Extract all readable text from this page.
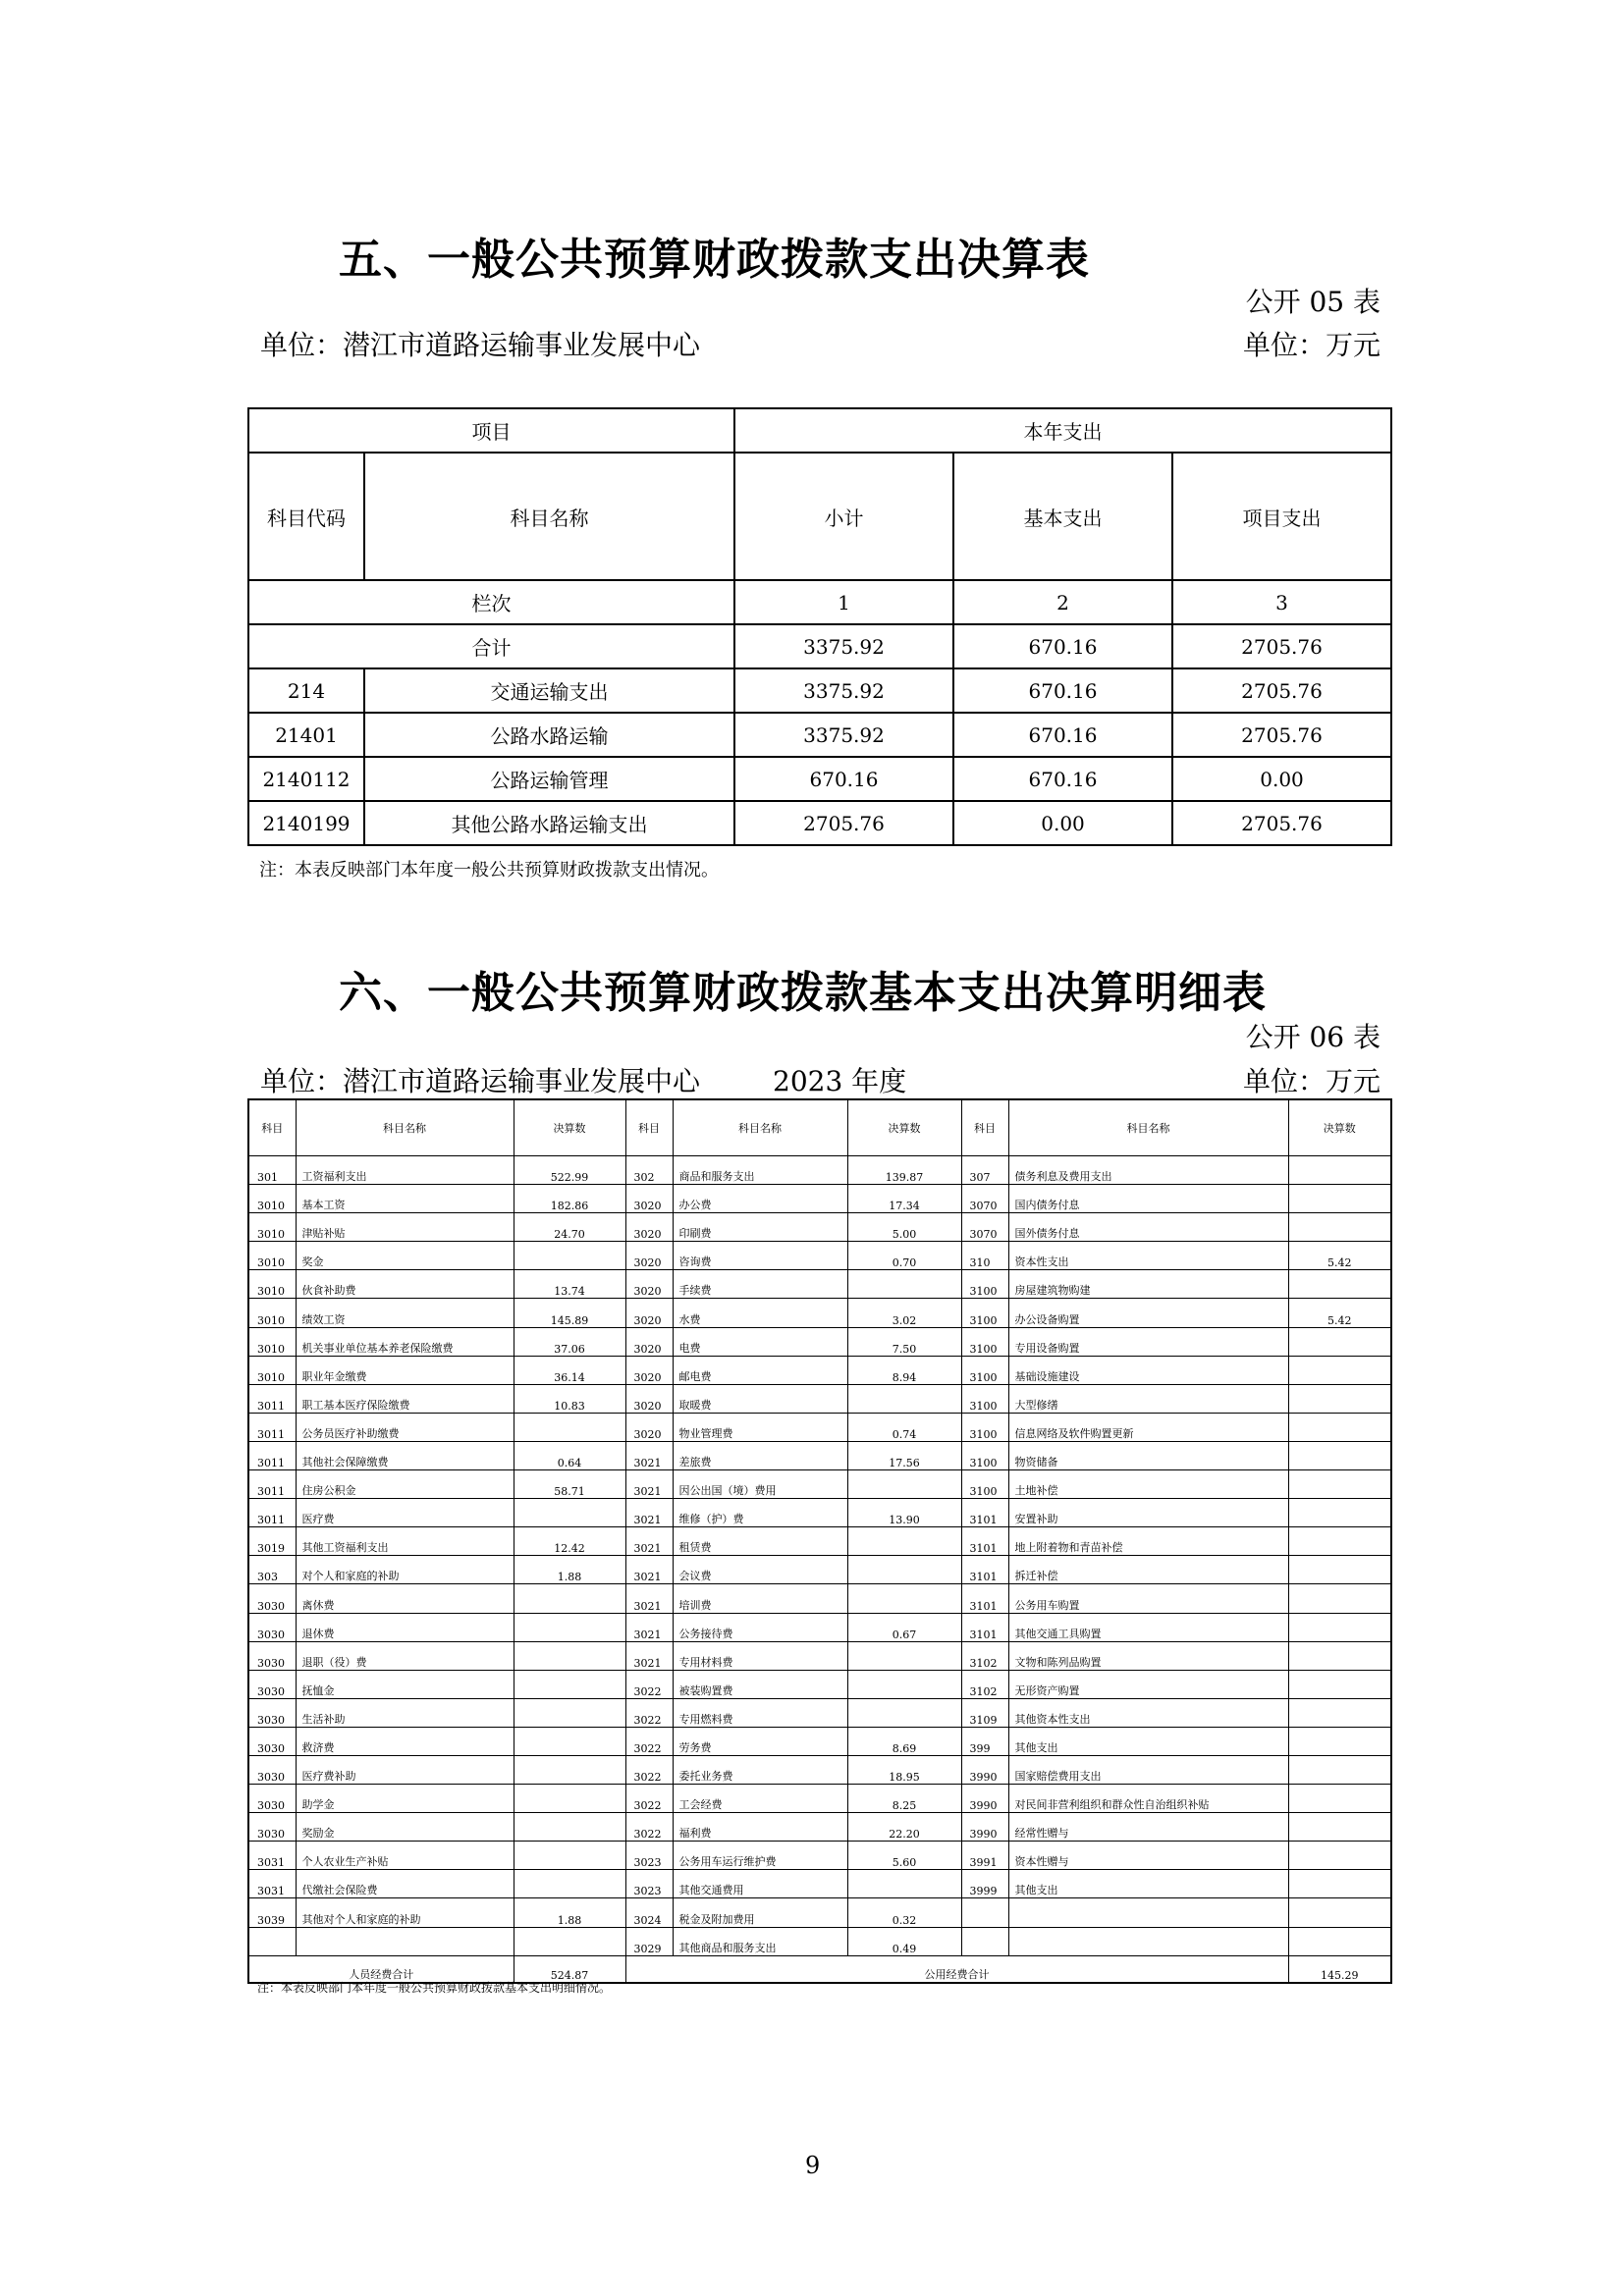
五、一般公共预算财政拨款支出决算表
公开 05 表
单位：潜江市道路运输事业发展中心	单位：万元
项目		本年支出		
科目代码	科目名称	小计	基本支出	项目支出
栏次		1	2	3
合计		3375.92	670.16	2705.76
214	交通运输支出	3375.92	670.16	2705.76
21401	公路水路运输	3375.92	670.16	2705.76
2140112	公路运输管理	670.16	670.16	0.00
2140199	其他公路水路运输支出	2705.76	0.00	2705.76
注：本表反映部门本年度一般公共预算财政拨款支出情况。
六、一般公共预算财政拨款基本支出决算明细表
公开 06 表
单位：潜江市道路运输事业发展中心	2023 年度	单位：万元
科目	科目名称	决算数	科目	科目名称	决算数	科目	科目名称	决算数
301	工资福利支出	522.99	302	商品和服务支出	139.87	307	债务利息及费用支出	
3010	基本工资	182.86	3020	办公费	17.34	3070	国内债务付息	
3010	津贴补贴	24.70	3020	印刷费	5.00	3070	国外债务付息	
3010	奖金		3020	咨询费	0.70	310	资本性支出	5.42
3010	伙食补助费	13.74	3020	手续费		3100	房屋建筑物购建	
3010	绩效工资	145.89	3020	水费	3.02	3100	办公设备购置	5.42
3010	机关事业单位基本养老保险缴费	37.06	3020	电费	7.50	3100	专用设备购置	
3010	职业年金缴费	36.14	3020	邮电费	8.94	3100	基础设施建设	
3011	职工基本医疗保险缴费	10.83	3020	取暖费		3100	大型修缮	
3011	公务员医疗补助缴费		3020	物业管理费	0.74	3100	信息网络及软件购置更新	
3011	其他社会保障缴费	0.64	3021	差旅费	17.56	3100	物资储备	
3011	住房公积金	58.71	3021	因公出国（境）费用		3100	土地补偿	
3011	医疗费		3021	维修（护）费	13.90	3101	安置补助	
3019	其他工资福利支出	12.42	3021	租赁费		3101	地上附着物和青苗补偿	
303	对个人和家庭的补助	1.88	3021	会议费		3101	拆迁补偿	
3030	离休费		3021	培训费		3101	公务用车购置	
3030	退休费		3021	公务接待费	0.67	3101	其他交通工具购置	
3030	退职（役）费		3021	专用材料费		3102	文物和陈列品购置	
3030	抚恤金		3022	被装购置费		3102	无形资产购置	
3030	生活补助		3022	专用燃料费		3109	其他资本性支出	
3030	救济费		3022	劳务费	8.69	399	其他支出	
3030	医疗费补助		3022	委托业务费	18.95	3990	国家赔偿费用支出	
3030	助学金		3022	工会经费	8.25	3990	对民间非营利组织和群众性自治组织补贴	
3030	奖励金		3022	福利费	22.20	3990	经常性赠与	
3031	个人农业生产补贴		3023	公务用车运行维护费	5.60	3991	资本性赠与	
3031	代缴社会保险费		3023	其他交通费用		3999	其他支出	
3039	其他对个人和家庭的补助	1.88	3024	税金及附加费用	0.32			
			3029	其他商品和服务支出	0.49			
人员经费合计		524.87	公用经费合计					145.29
注：本表反映部门本年度一般公共预算财政拨款基本支出明细情况。
9
